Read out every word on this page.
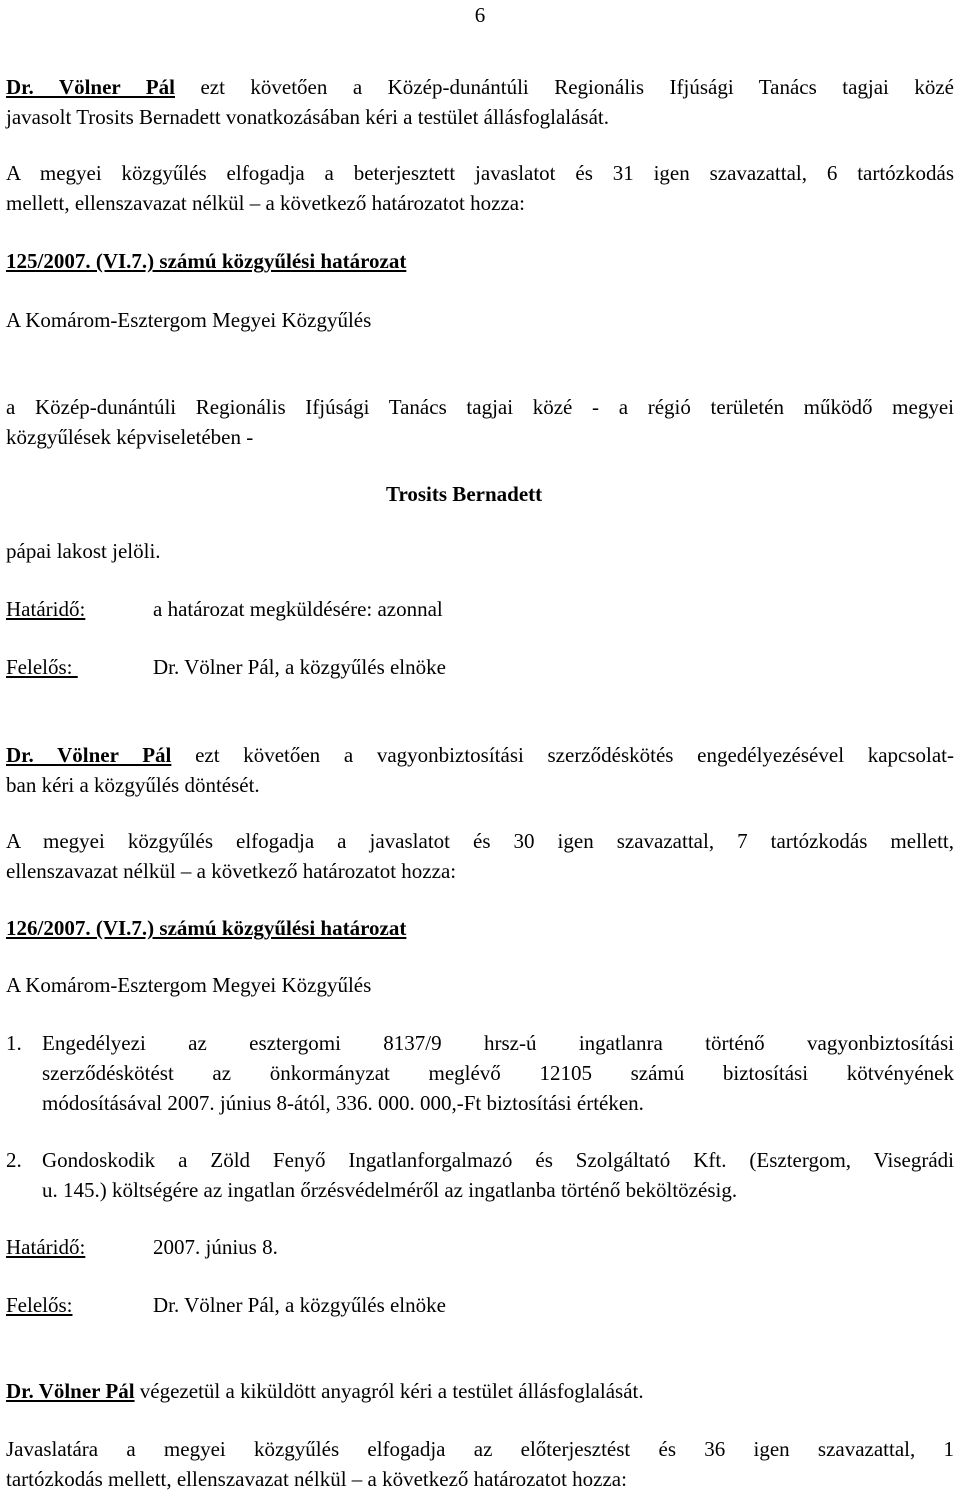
6
Dr. Völner Pál ezt követően a Közép-dunántúli Regionális Ifjúsági Tanács tagjai közé
javasolt Trosits Bernadett vonatkozásában kéri a testület állásfoglalását.
A megyei közgyűlés elfogadja a beterjesztett javaslatot és 31 igen szavazattal, 6 tartózkodás
mellett, ellenszavazat nélkül – a következő határozatot hozza:
125/2007. (VI.7.) számú közgyűlési határozat
A Komárom-Esztergom Megyei Közgyűlés
a Közép-dunántúli Regionális Ifjúsági Tanács tagjai közé - a régió területén működő megyei
közgyűlések képviseletében -
Trosits Bernadett
pápai lakost jelöli.
Határidő:	a határozat megküldésére: azonnal
Felelős:	Dr. Völner Pál, a közgyűlés elnöke
Dr. Völner Pál ezt követően a vagyonbiztosítási szerződéskötés engedélyezésével kapcsolat-
ban kéri a közgyűlés döntését.
A megyei közgyűlés elfogadja a javaslatot és 30 igen szavazattal, 7 tartózkodás mellett,
ellenszavazat nélkül – a következő határozatot hozza:
126/2007. (VI.7.) számú közgyűlési határozat
A Komárom-Esztergom Megyei Közgyűlés
1. Engedélyezi az esztergomi 8137/9 hrsz-ú ingatlanra történő vagyonbiztosítási
szerződéskötést az önkormányzat meglévő 12105 számú biztosítási kötvényének
módosításával 2007. június 8-ától, 336. 000. 000,-Ft biztosítási értéken.
2. Gondoskodik a Zöld Fenyő Ingatlanforgalmazó és Szolgáltató Kft. (Esztergom, Visegrádi
u. 145.) költségére az ingatlan őrzésvédelméről az ingatlanba történő beköltözésig.
Határidő:	2007. június 8.
Felelős:	Dr. Völner Pál, a közgyűlés elnöke
Dr. Völner Pál végezetül a kiküldött anyagról kéri a testület állásfoglalását.
Javaslatára a megyei közgyűlés elfogadja az előterjesztést és 36 igen szavazattal, 1
tartózkodás mellett, ellenszavazat nélkül – a következő határozatot hozza:
